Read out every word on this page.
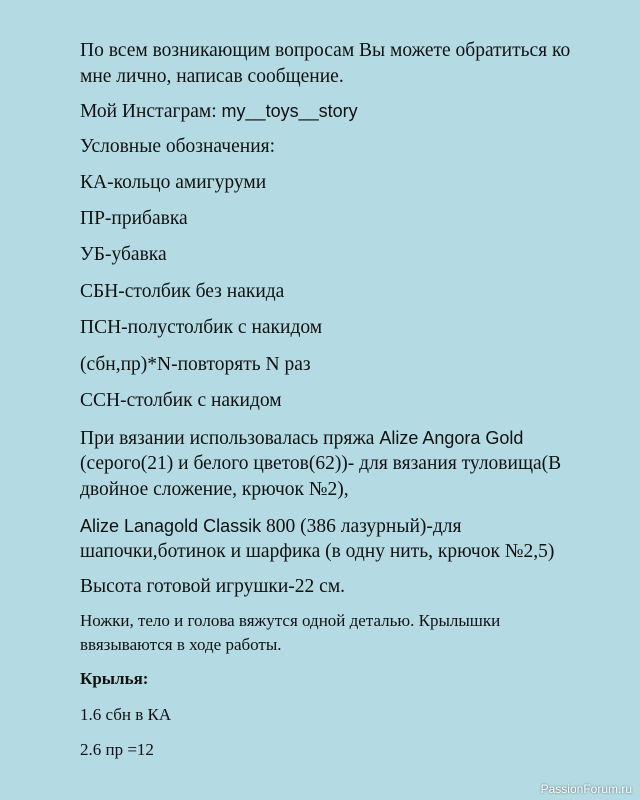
По всем возникающим вопросам Вы можете обратиться ко

мне лично, написав сообщение.

Мой Инстаграм: my__toys__story

Условные обозначения:

КА-кольцо амигуруми

ПР-прибавка

УБ-убавка

СБН-столбик без накида

ПСН-полустолбик с накидом

(сбн,пр)*N-повторять N раз

ССН-столбик с накидом

При вязании использовалась пряжа Alize Angora Gold

(серого(21) и белого цветов(62))- для вязания туловища(В

двойное сложение, крючок №2),

Alize Lanagold Classik 800 (386 лазурный)-для

шапочки,ботинок и шарфика (в одну нить, крючок №2,5)

Высота готовой игрушки-22 см.

Ножки, тело и голова вяжутся одной деталью. Крылышки

ввязываются в ходе работы.

Крылья:

1.6 сбн в КА

2.6 пр =12

PassionForum.ru
